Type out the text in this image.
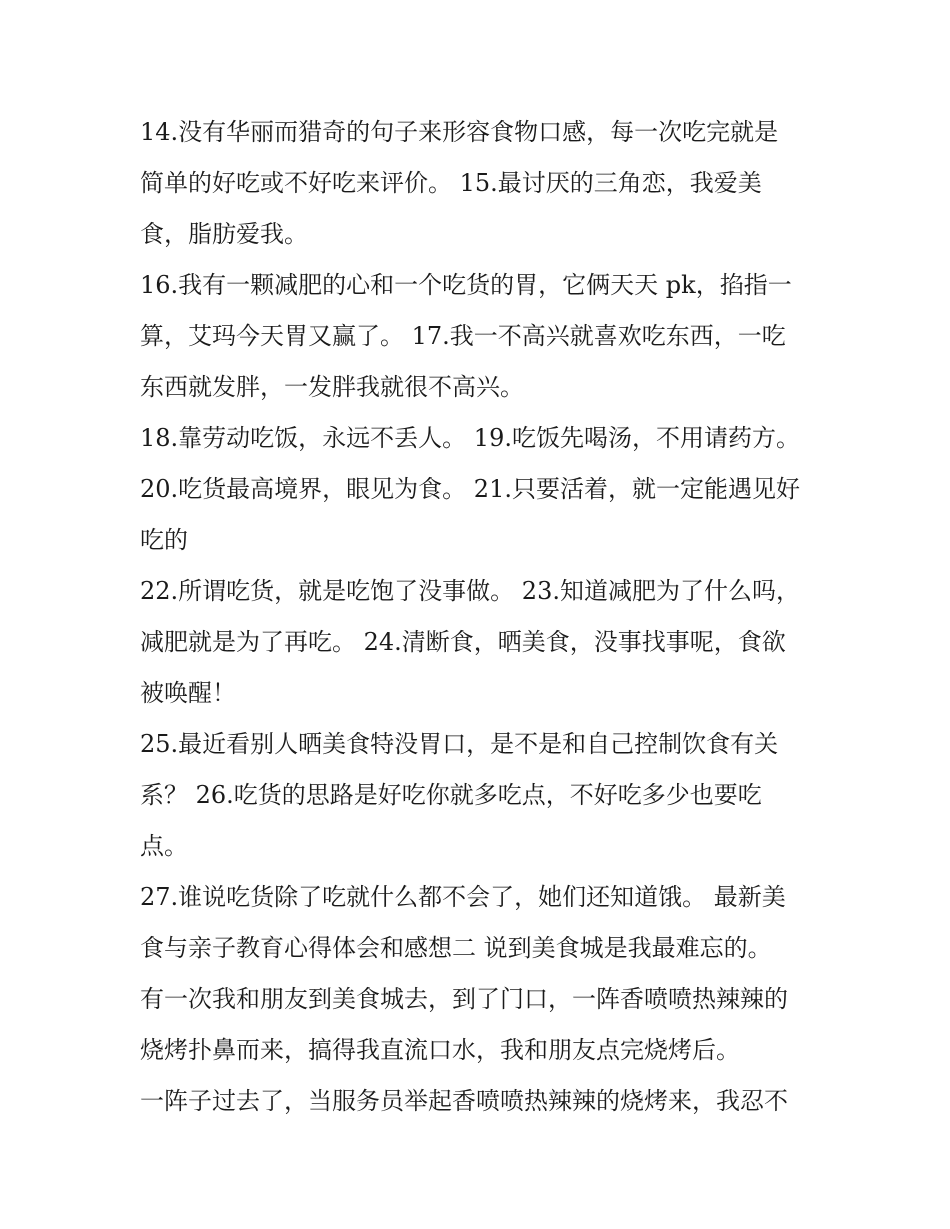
14.没有华丽而猎奇的句子来形容食物口感，每一次吃完就是
简单的好吃或不好吃来评价。 15.最讨厌的三角恋，我爱美
食，脂肪爱我。
16.我有一颗减肥的心和一个吃货的胃，它俩天天 pk，掐指一
算，艾玛今天胃又赢了。 17.我一不高兴就喜欢吃东西，一吃
东西就发胖，一发胖我就很不高兴。
18.靠劳动吃饭，永远不丢人。 19.吃饭先喝汤，不用请药方。
20.吃货最高境界，眼见为食。 21.只要活着，就一定能遇见好
吃的
22.所谓吃货，就是吃饱了没事做。 23.知道减肥为了什么吗，
减肥就是为了再吃。 24.清断食，晒美食，没事找事呢，食欲
被唤醒！
25.最近看别人晒美食特没胃口，是不是和自己控制饮食有关
系？ 26.吃货的思路是好吃你就多吃点，不好吃多少也要吃
点。
27.谁说吃货除了吃就什么都不会了，她们还知道饿。 最新美
食与亲子教育心得体会和感想二 说到美食城是我最难忘的。
有一次我和朋友到美食城去，到了门口，一阵香喷喷热辣辣的
烧烤扑鼻而来，搞得我直流口水，我和朋友点完烧烤后。
一阵子过去了，当服务员举起香喷喷热辣辣的烧烤来，我忍不
